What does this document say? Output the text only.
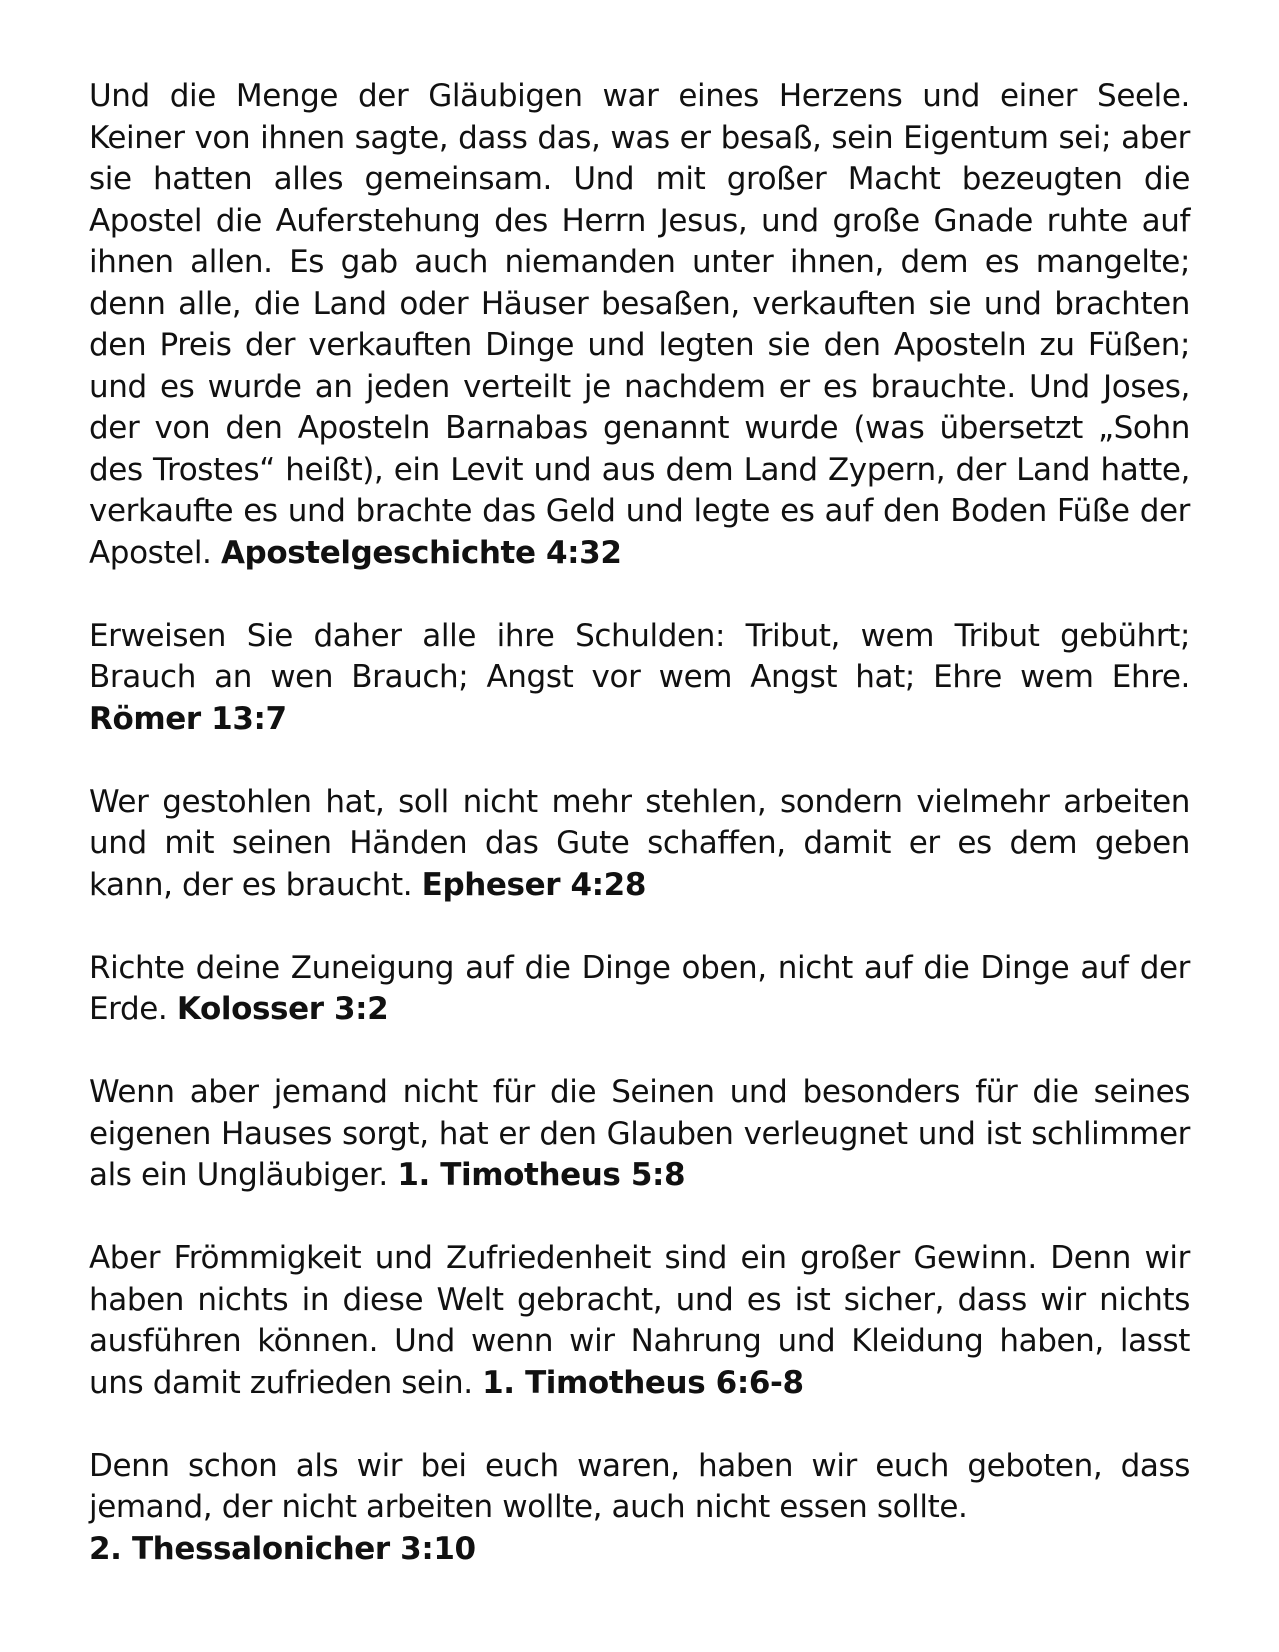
Und die Menge der Gläubigen war eines Herzens und einer Seele. Keiner von ihnen sagte, dass das, was er besaß, sein Eigentum sei; aber sie hatten alles gemeinsam. Und mit großer Macht bezeugten die Apostel die Auferstehung des Herrn Jesus, und große Gnade ruhte auf ihnen allen. Es gab auch niemanden unter ihnen, dem es mangelte; denn alle, die Land oder Häuser besaßen, verkauften sie und brachten den Preis der verkauften Dinge und legten sie den Aposteln zu Füßen; und es wurde an jeden verteilt je nachdem er es brauchte. Und Joses, der von den Aposteln Barnabas genannt wurde (was übersetzt „Sohn des Trostes“ heißt), ein Levit und aus dem Land Zypern, der Land hatte, verkaufte es und brachte das Geld und legte es auf den Boden Füße der Apostel. Apostelgeschichte 4:32

Erweisen Sie daher alle ihre Schulden: Tribut, wem Tribut gebührt; Brauch an wen Brauch; Angst vor wem Angst hat; Ehre wem Ehre. Römer 13:7

Wer gestohlen hat, soll nicht mehr stehlen, sondern vielmehr arbeiten und mit seinen Händen das Gute schaffen, damit er es dem geben kann, der es braucht. Epheser 4:28

Richte deine Zuneigung auf die Dinge oben, nicht auf die Dinge auf der Erde. Kolosser 3:2

Wenn aber jemand nicht für die Seinen und besonders für die seines eigenen Hauses sorgt, hat er den Glauben verleugnet und ist schlimmer als ein Ungläubiger. 1. Timotheus 5:8

Aber Frömmigkeit und Zufriedenheit sind ein großer Gewinn. Denn wir haben nichts in diese Welt gebracht, und es ist sicher, dass wir nichts ausführen können. Und wenn wir Nahrung und Kleidung haben, lasst uns damit zufrieden sein. 1. Timotheus 6:6-8

Denn schon als wir bei euch waren, haben wir euch geboten, dass jemand, der nicht arbeiten wollte, auch nicht essen sollte.
2. Thessalonicher 3:10
